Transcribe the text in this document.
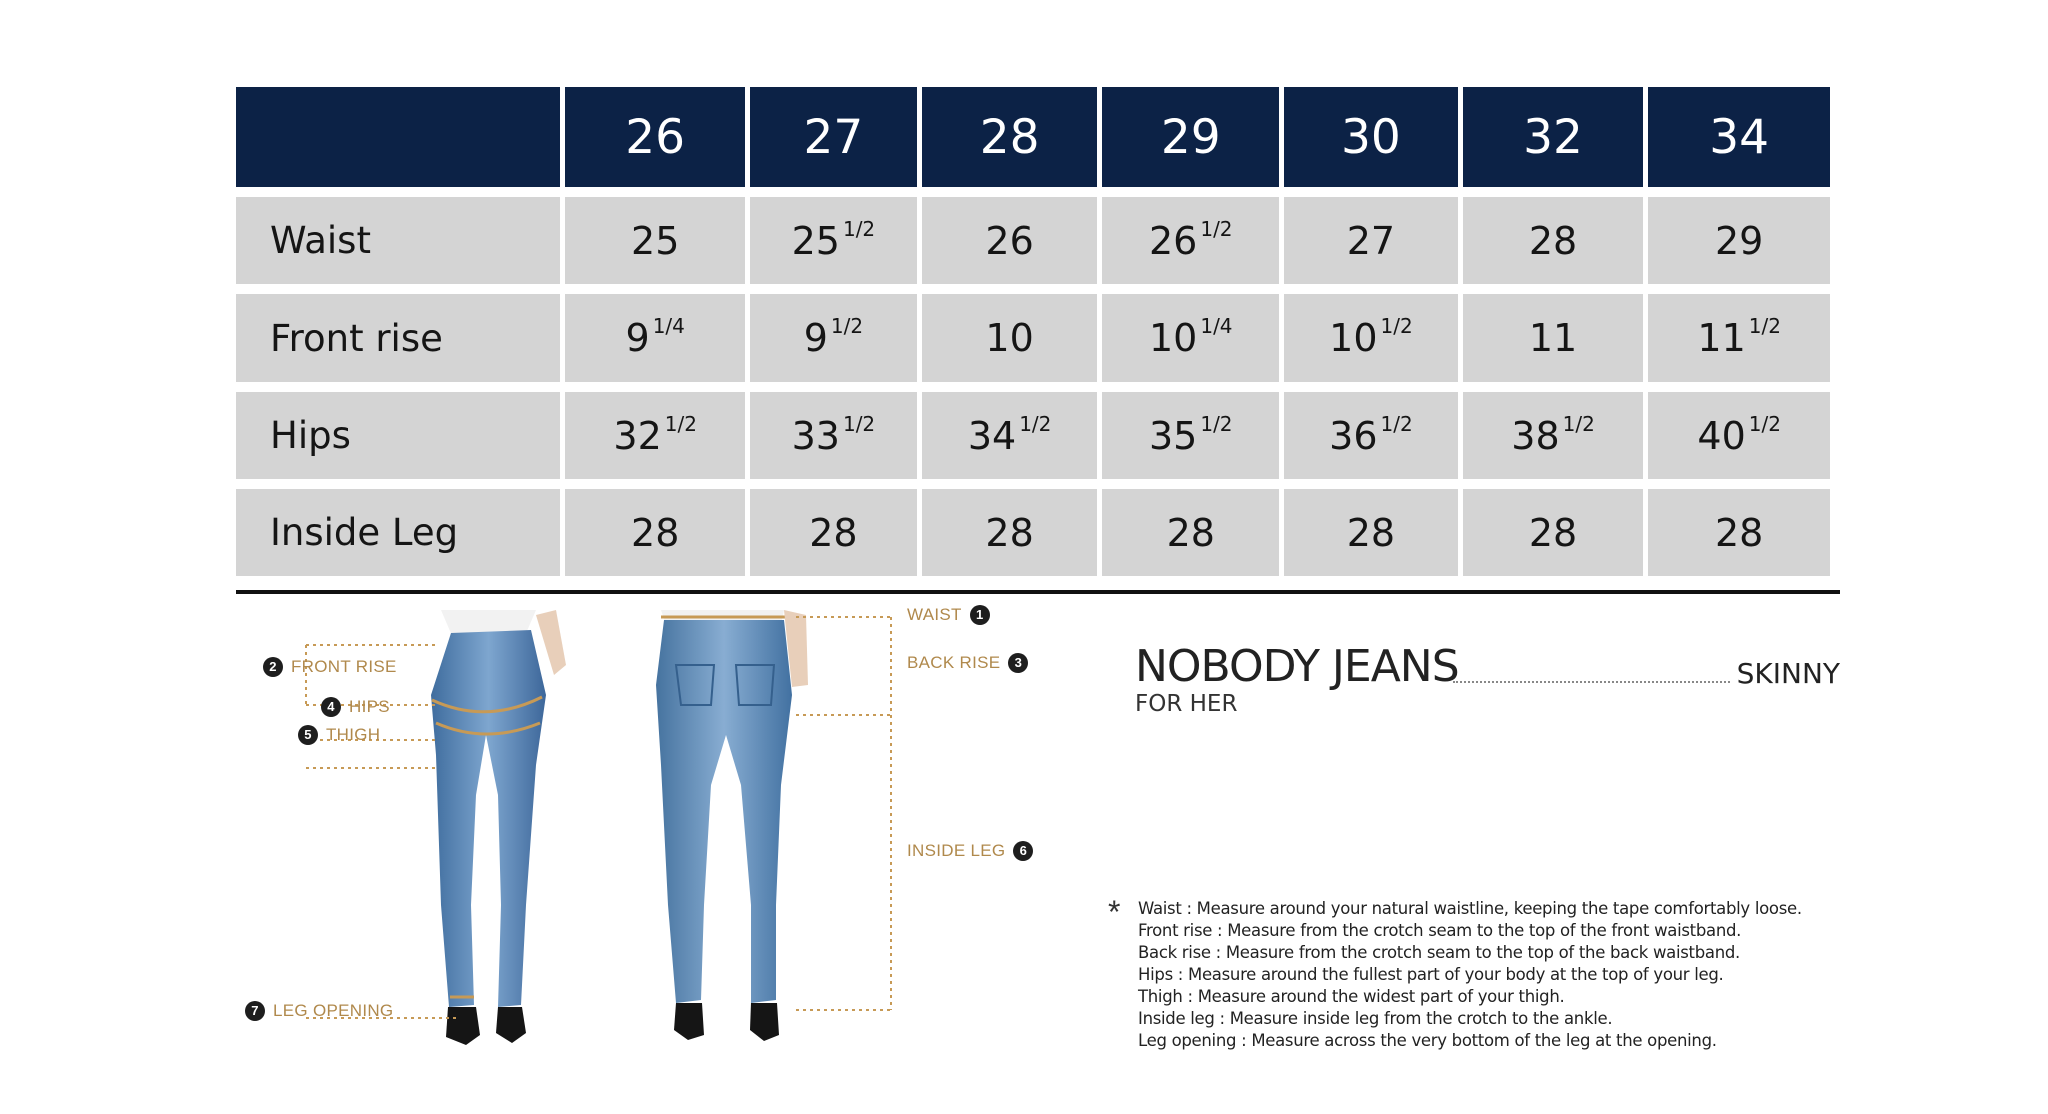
	26	27	28	29	30	32	34
Waist	25	25 $^{1/2}$	26	26 $^{1/2}$	27	28	29
Front rise	9 $^{1/4}$	9 $^{1/2}$	10	10 $^{1/4}$	10 $^{1/2}$	11	11 $^{1/2}$
Hips	32 $^{1/2}$	33 $^{1/2}$	34 $^{1/2}$	35 $^{1/2}$	36 $^{1/2}$	38 $^{1/2}$	40 $^{1/2}$
Inside Leg	28	28	28	28	28	28	28
2 FRONT RISE
4 HIPS
5 THIGH
7 LEG OPENING
1
WAIST
3
BACK RISE
6
INSIDE LEG
NOBODY JEANS
FOR HER
SKINNY
* Waist : Measure around your natural waistline, keeping the tape comfortably loose.
Front rise : Measure from the crotch seam to the top of the front waistband.
Back rise : Measure from the crotch seam to the top of the back waistband.
Hips : Measure around the fullest part of your body at the top of your leg.
Thigh : Measure around the widest part of your thigh.
Inside leg : Measure inside leg from the crotch to the ankle.
Leg opening : Measure across the very bottom of the leg at the opening.
